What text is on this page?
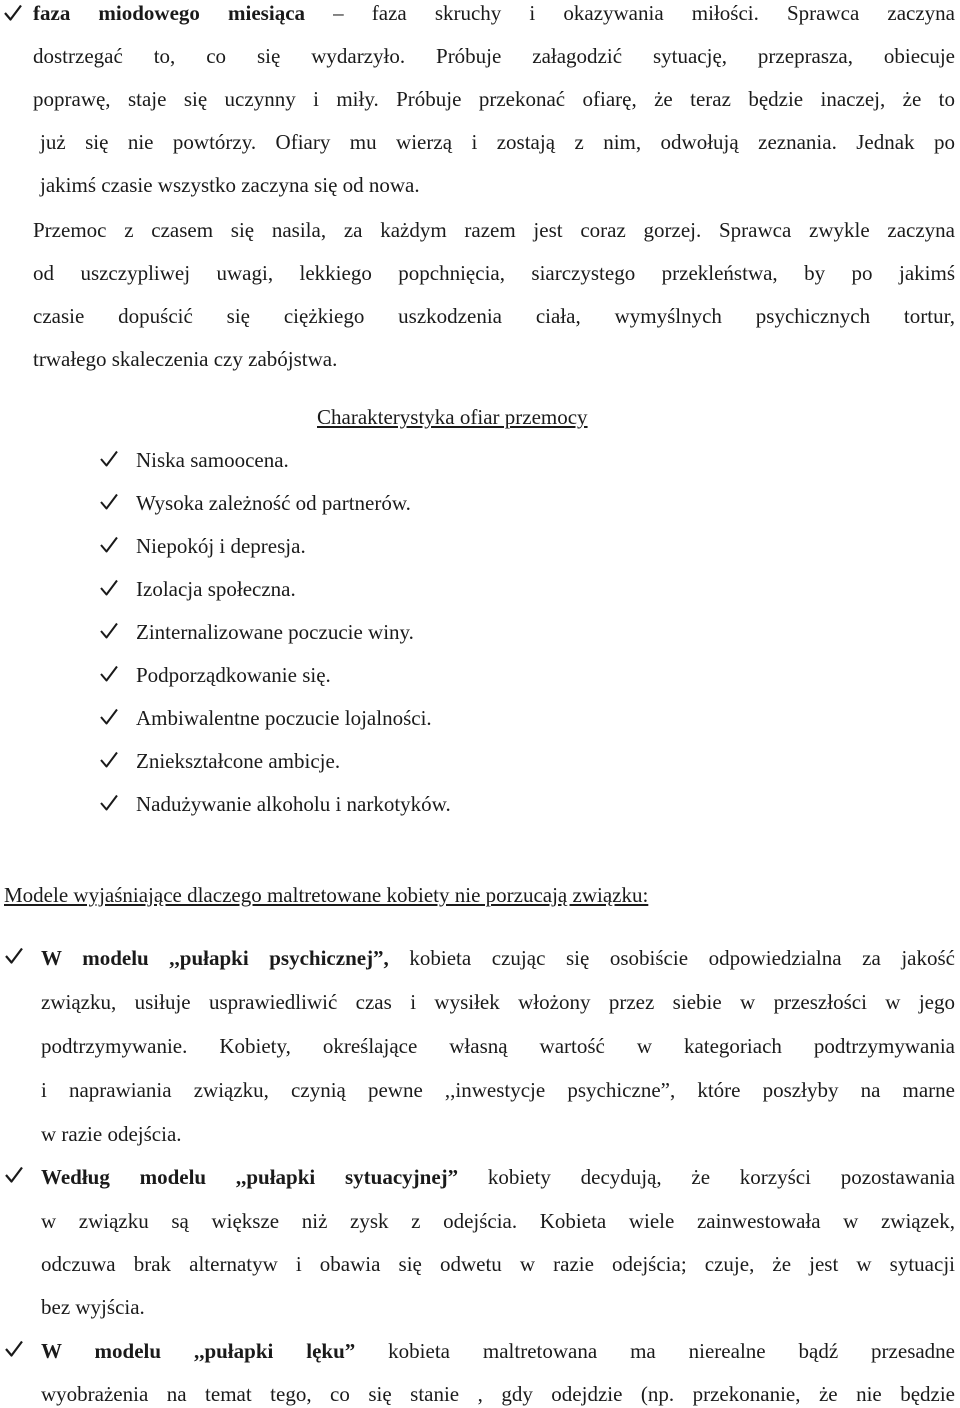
faza miodowego miesiąca – faza skruchy i okazywania miłości. Sprawca zaczyna
dostrzegać to, co się wydarzyło. Próbuje załagodzić sytuację, przeprasza, obiecuje
poprawę, staje się uczynny i miły. Próbuje przekonać ofiarę, że teraz będzie inaczej, że to
już się nie powtórzy. Ofiary mu wierzą i zostają z nim, odwołują zeznania. Jednak po
jakimś czasie wszystko zaczyna się od nowa.
Przemoc z czasem się nasila, za każdym razem jest coraz gorzej. Sprawca zwykle zaczyna
od uszczypliwej uwagi, lekkiego popchnięcia, siarczystego przekleństwa, by po jakimś
czasie dopuścić się ciężkiego uszkodzenia ciała, wymyślnych psychicznych tortur,
trwałego skaleczenia czy zabójstwa.
Charakterystyka ofiar przemocy
Niska samoocena.
Wysoka zależność od partnerów.
Niepokój i depresja.
Izolacja społeczna.
Zinternalizowane poczucie winy.
Podporządkowanie się.
Ambiwalentne poczucie lojalności.
Zniekształcone ambicje.
Nadużywanie alkoholu i narkotyków.
Modele wyjaśniające dlaczego maltretowane kobiety nie porzucają związku:
W modelu ,,pułapki psychicznej”, kobieta czując się osobiście odpowiedzialna za jakość
związku, usiłuje usprawiedliwić czas i wysiłek włożony przez siebie w przeszłości w jego
podtrzymywanie. Kobiety, określające własną wartość w kategoriach podtrzymywania
i naprawiania związku, czynią pewne ,,inwestycje psychiczne”, które poszłyby na marne
w razie odejścia.
Według modelu ,,pułapki sytuacyjnej” kobiety decydują, że korzyści pozostawania
w związku są większe niż zysk z odejścia. Kobieta wiele zainwestowała w związek,
odczuwa brak alternatyw i obawia się odwetu w razie odejścia; czuje, że jest w sytuacji
bez wyjścia.
W modelu ,,pułapki lęku” kobieta maltretowana ma nierealne bądź przesadne
wyobrażenia na temat tego, co się stanie , gdy odejdzie (np. przekonanie, że nie będzie
